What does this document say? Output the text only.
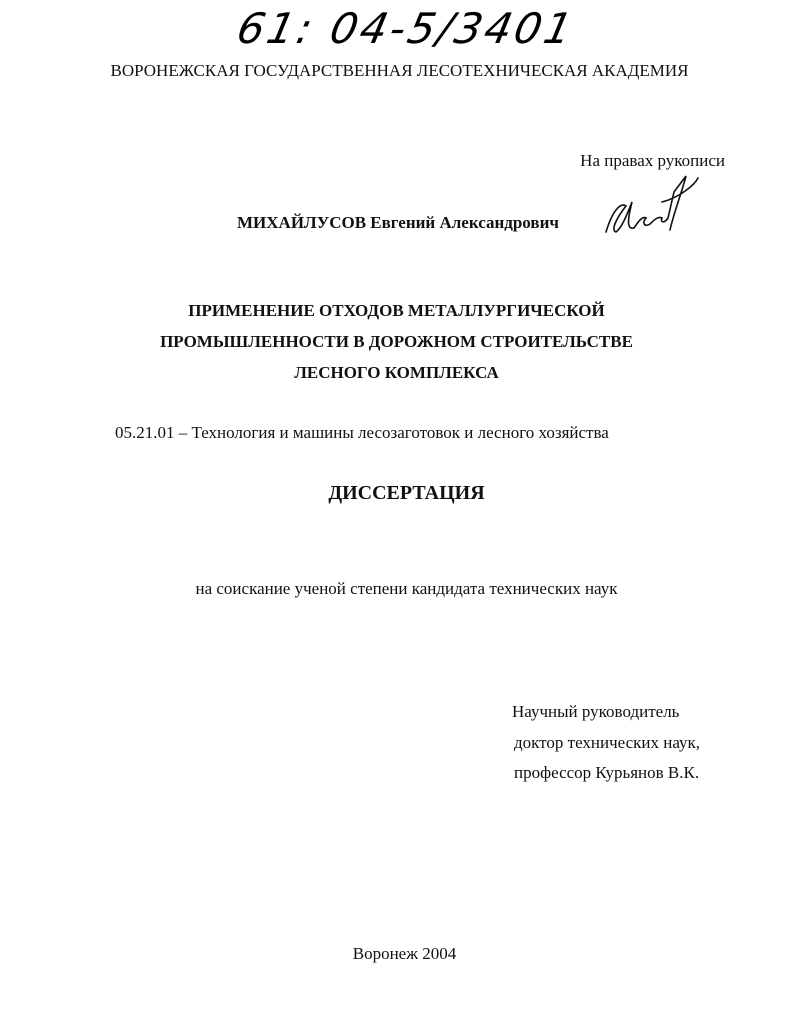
61: 04-5/3401
ВОРОНЕЖСКАЯ ГОСУДАРСТВЕННАЯ ЛЕСОТЕХНИЧЕСКАЯ АКАДЕМИЯ
На правах рукописи
МИХАЙЛУСОВ Евгений Александрович
ПРИМЕНЕНИЕ ОТХОДОВ МЕТАЛЛУРГИЧЕСКОЙ
ПРОМЫШЛЕННОСТИ В ДОРОЖНОМ СТРОИТЕЛЬСТВЕ
ЛЕСНОГО КОМПЛЕКСА
05.21.01 – Технология и машины лесозаготовок и лесного хозяйства
ДИССЕРТАЦИЯ
на соискание ученой степени кандидата технических наук
Научный руководитель
доктор технических наук,
профессор Курьянов В.К.
Воронеж 2004
